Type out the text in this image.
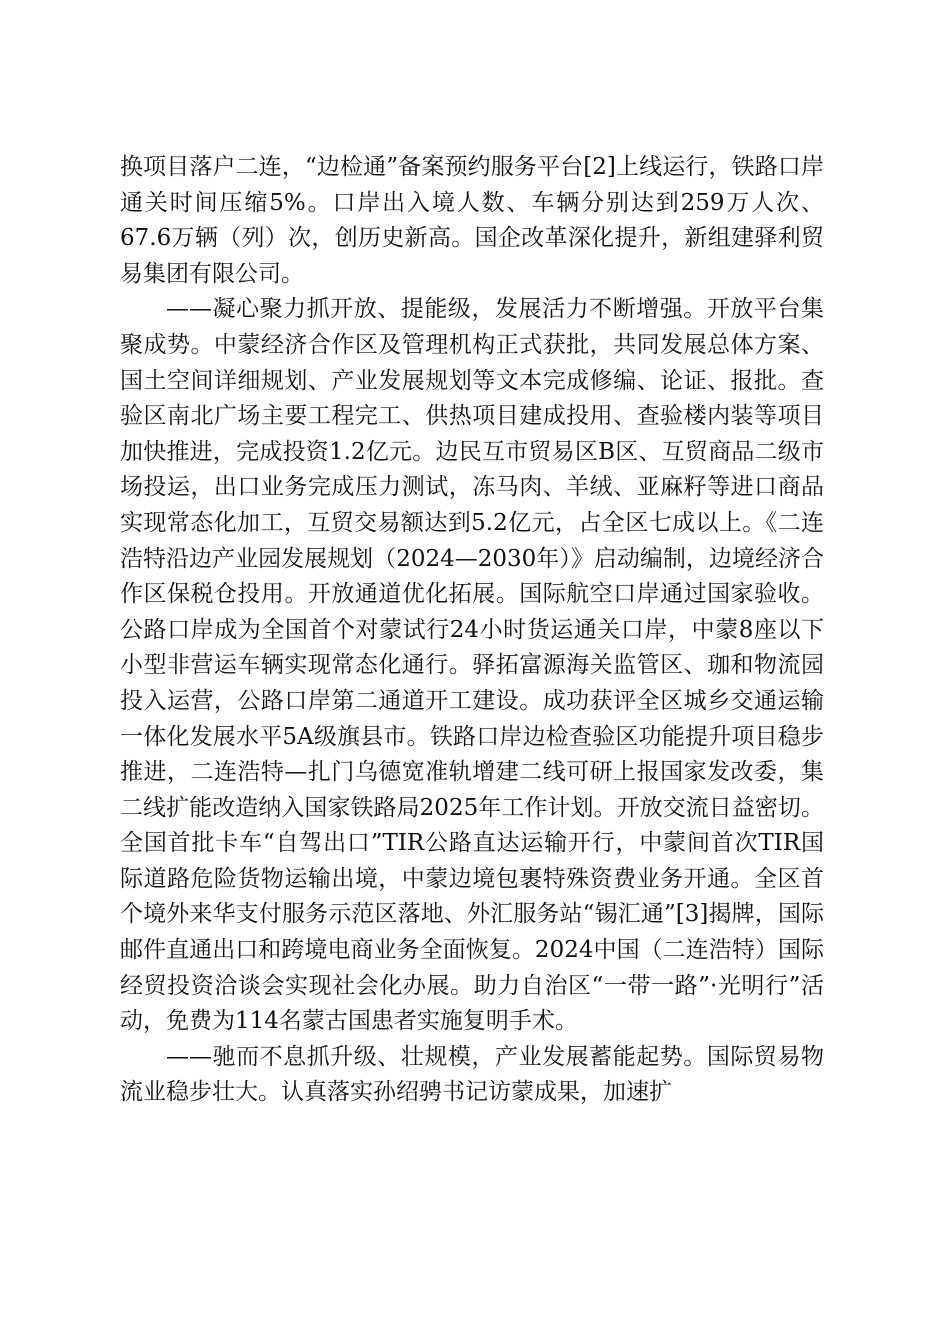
换项目落户二连，“边检通”备案预约服务平台[2]上线运行，铁路口岸通关时间压缩5%。口岸出入境人数、车辆分别达到259万人次、67.6万辆（列）次，创历史新高。国企改革深化提升，新组建驿利贸易集团有限公司。

——凝心聚力抓开放、提能级，发展活力不断增强。开放平台集聚成势。中蒙经济合作区及管理机构正式获批，共同发展总体方案、国土空间详细规划、产业发展规划等文本完成修编、论证、报批。查验区南北广场主要工程完工、供热项目建成投用、查验楼内装等项目加快推进，完成投资1.2亿元。边民互市贸易区B区、互贸商品二级市场投运，出口业务完成压力测试，冻马肉、羊绒、亚麻籽等进口商品实现常态化加工，互贸交易额达到5.2亿元，占全区七成以上。《二连浩特沿边产业园发展规划（2024—2030年）》启动编制，边境经济合作区保税仓投用。开放通道优化拓展。国际航空口岸通过国家验收。公路口岸成为全国首个对蒙试行24小时货运通关口岸，中蒙8座以下小型非营运车辆实现常态化通行。驿拓富源海关监管区、珈和物流园投入运营，公路口岸第二通道开工建设。成功获评全区城乡交通运输一体化发展水平5A级旗县市。铁路口岸边检查验区功能提升项目稳步推进，二连浩特—扎门乌德宽准轨增建二线可研上报国家发改委，集二线扩能改造纳入国家铁路局2025年工作计划。开放交流日益密切。全国首批卡车“自驾出口”TIR公路直达运输开行，中蒙间首次TIR国际道路危险货物运输出境，中蒙边境包裹特殊资费业务开通。全区首个境外来华支付服务示范区落地、外汇服务站“锡汇通”[3]揭牌，国际邮件直通出口和跨境电商业务全面恢复。2024中国（二连浩特）国际经贸投资洽谈会实现社会化办展。助力自治区“一带一路”·光明行”活动，免费为114名蒙古国患者实施复明手术。

——驰而不息抓升级、壮规模，产业发展蓄能起势。国际贸易物流业稳步壮大。认真落实孙绍骋书记访蒙成果，加速扩
